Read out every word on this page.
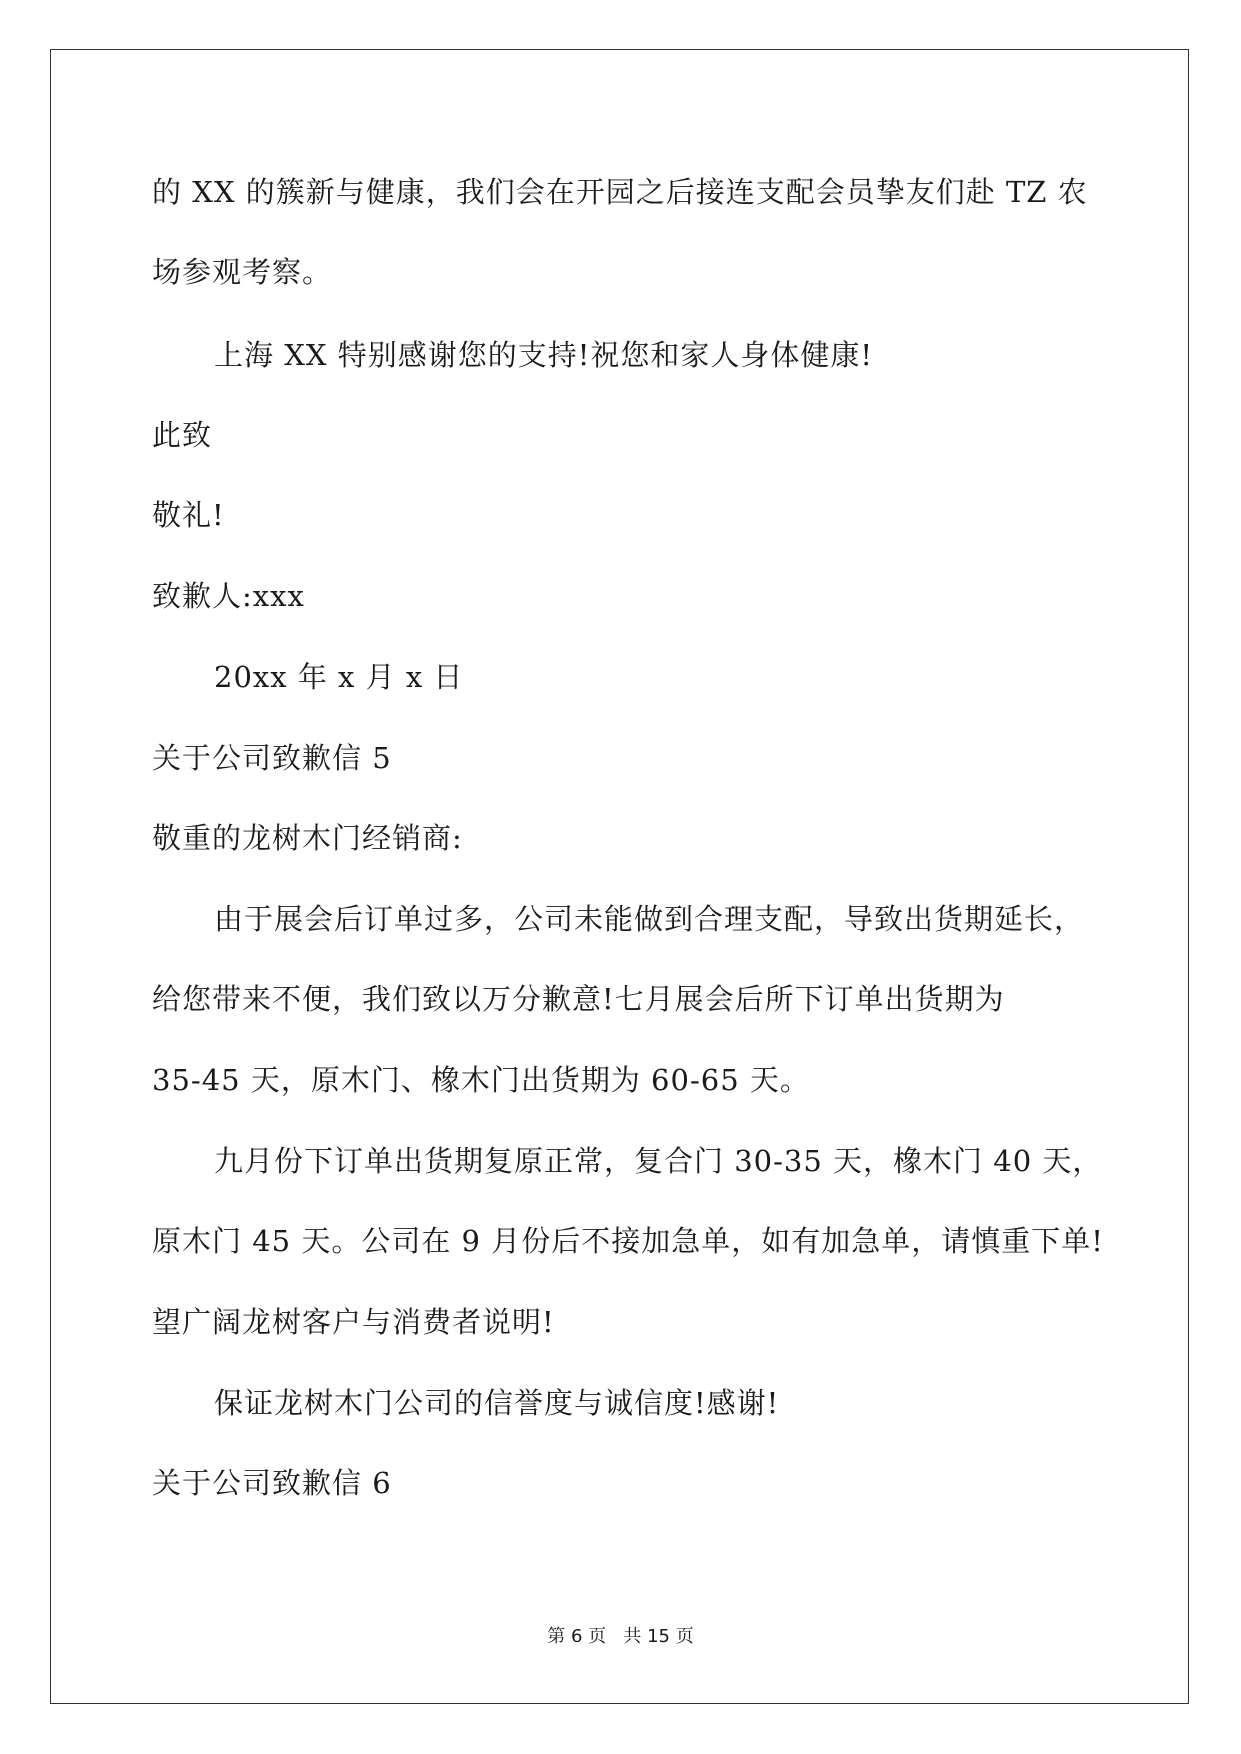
的 XX 的簇新与健康，我们会在开园之后接连支配会员挚友们赴 TZ 农
场参观考察。
上海 XX 特别感谢您的支持!祝您和家人身体健康!
此致
敬礼!
致歉人:xxx
20xx 年 x 月 x 日
关于公司致歉信 5
敬重的龙树木门经销商:
由于展会后订单过多，公司未能做到合理支配，导致出货期延长，
给您带来不便，我们致以万分歉意!七月展会后所下订单出货期为
35-45 天，原木门、橡木门出货期为 60-65 天。
九月份下订单出货期复原正常，复合门 30-35 天，橡木门 40 天，
原木门 45 天。公司在 9 月份后不接加急单，如有加急单，请慎重下单!
望广阔龙树客户与消费者说明!
保证龙树木门公司的信誉度与诚信度!感谢!
关于公司致歉信 6
第 6 页   共 15 页
